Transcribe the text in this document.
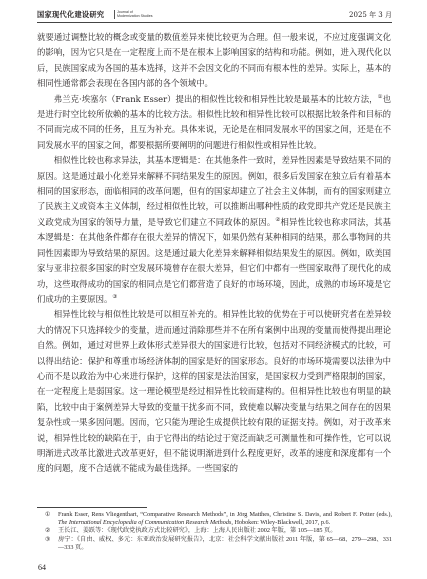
国家现代化建设研究	Journal of
Modernization Studies	2025 年 3 月

就要通过调整比较的概念或变量的数值差异来使比较更为合理。但一般来说，不应过度强调文化的影响，因为它只是在一定程度上而不是在根本上影响国家的结构和功能。例如，进入现代化以后，民族国家成为各国的基本选择，这并不会因文化的不同而有根本性的差异。实际上，基本的相同性通常都会表现在各国内部的各个领域中。

弗兰克·埃塞尔（Frank Esser）提出的相似性比较和相异性比较是最基本的比较方法，①也是进行时空比较所依赖的基本的比较方法。相似性比较和相异性比较可以根据比较条件和目标的不同而完成不同的任务，且互为补充。具体来说，无论是在相同发展水平的国家之间，还是在不同发展水平的国家之间，都要根据所要阐明的问题进行相似性或相异性比较。

相似性比较也称求异法，其基本逻辑是：在其他条件一致时，差异性因素是导致结果不同的原因。这是通过最小化差异来解释不同结果发生的原因。例如，很多后发国家在独立后有着基本相同的国家形态，面临相同的改革问题，但有的国家却建立了社会主义体制，而有的国家则建立了民族主义或资本主义体制，经过相似性比较，可以推断出哪种性质的政党即共产党还是民族主义政党成为国家的领导力量，是导致它们建立不同政体的原因。②相异性比较也称求同法，其基本逻辑是：在其他条件都存在很大差异的情况下，如果仍然有某种相同的结果，那么事物间的共同性因素即为导致结果的原因。这是通过最大化差异来解释相似结果发生的原因。例如，欧美国家与亚非拉很多国家的时空发展环境曾存在很大差异，但它们中都有一些国家取得了现代化的成功，这些取得成功的国家的相同点是它们都营造了良好的市场环境，因此，成熟的市场环境是它们成功的主要原因。③

相异性比较与相似性比较是可以相互补充的。相异性比较的优势在于可以使研究者在差异较大的情况下只选择较少的变量，进而通过消除那些并不在所有案例中出现的变量而使得提出理论自然。例如，通过对世界上政体形式差异很大的国家进行比较，包括对不同经济模式的比较，可以得出结论：保护和尊重市场经济体制的国家是好的国家形态。良好的市场环境需要以法律为中心而不是以政治为中心来进行保护，这样的国家是法治国家，是国家权力受到严格限制的国家，在一定程度上是弱国家。这一理论模型是经过相异性比较而建构的。但相异性比较也有明显的缺陷，比较中由于案例差异大导致的变量干扰多而不同，致使难以解决变量与结果之间存在的因果复杂性或一果多因问题。因而，它只能为理论生成提供比较有限的证据支持。例如，对于改革来说，相异性比较的缺陷在于，由于它得出的结论过于宽泛而缺乏可测量性和可操作性，它可以说明渐进式改革比激进式改革更好，但不能说明渐进到什么程度更好，改革的速度和深度都有一个度的问题，度不合适就不能成为最佳选择。一些国家的

① Frank Esser, Rens Vliegenthart, “Comparative Research Methods”, in Jörg Matthes, Christine S. Davis, and Robert F. Potter (eds.), The International Encyclopedia of Communication Research Methods, Hoboken: Wiley-Blackwell, 2017, p.6.
② 王长江、姜跃等：《现代政党执政方式比较研究》，上海：上海人民出版社 2002 年版，第 105—185 页。
③ 房宁：《自由、威权、多元：东亚政治发展研究报告》，北京：社会科学文献出版社 2011 年版，第 65—68、279—298、331—333 页。
64
